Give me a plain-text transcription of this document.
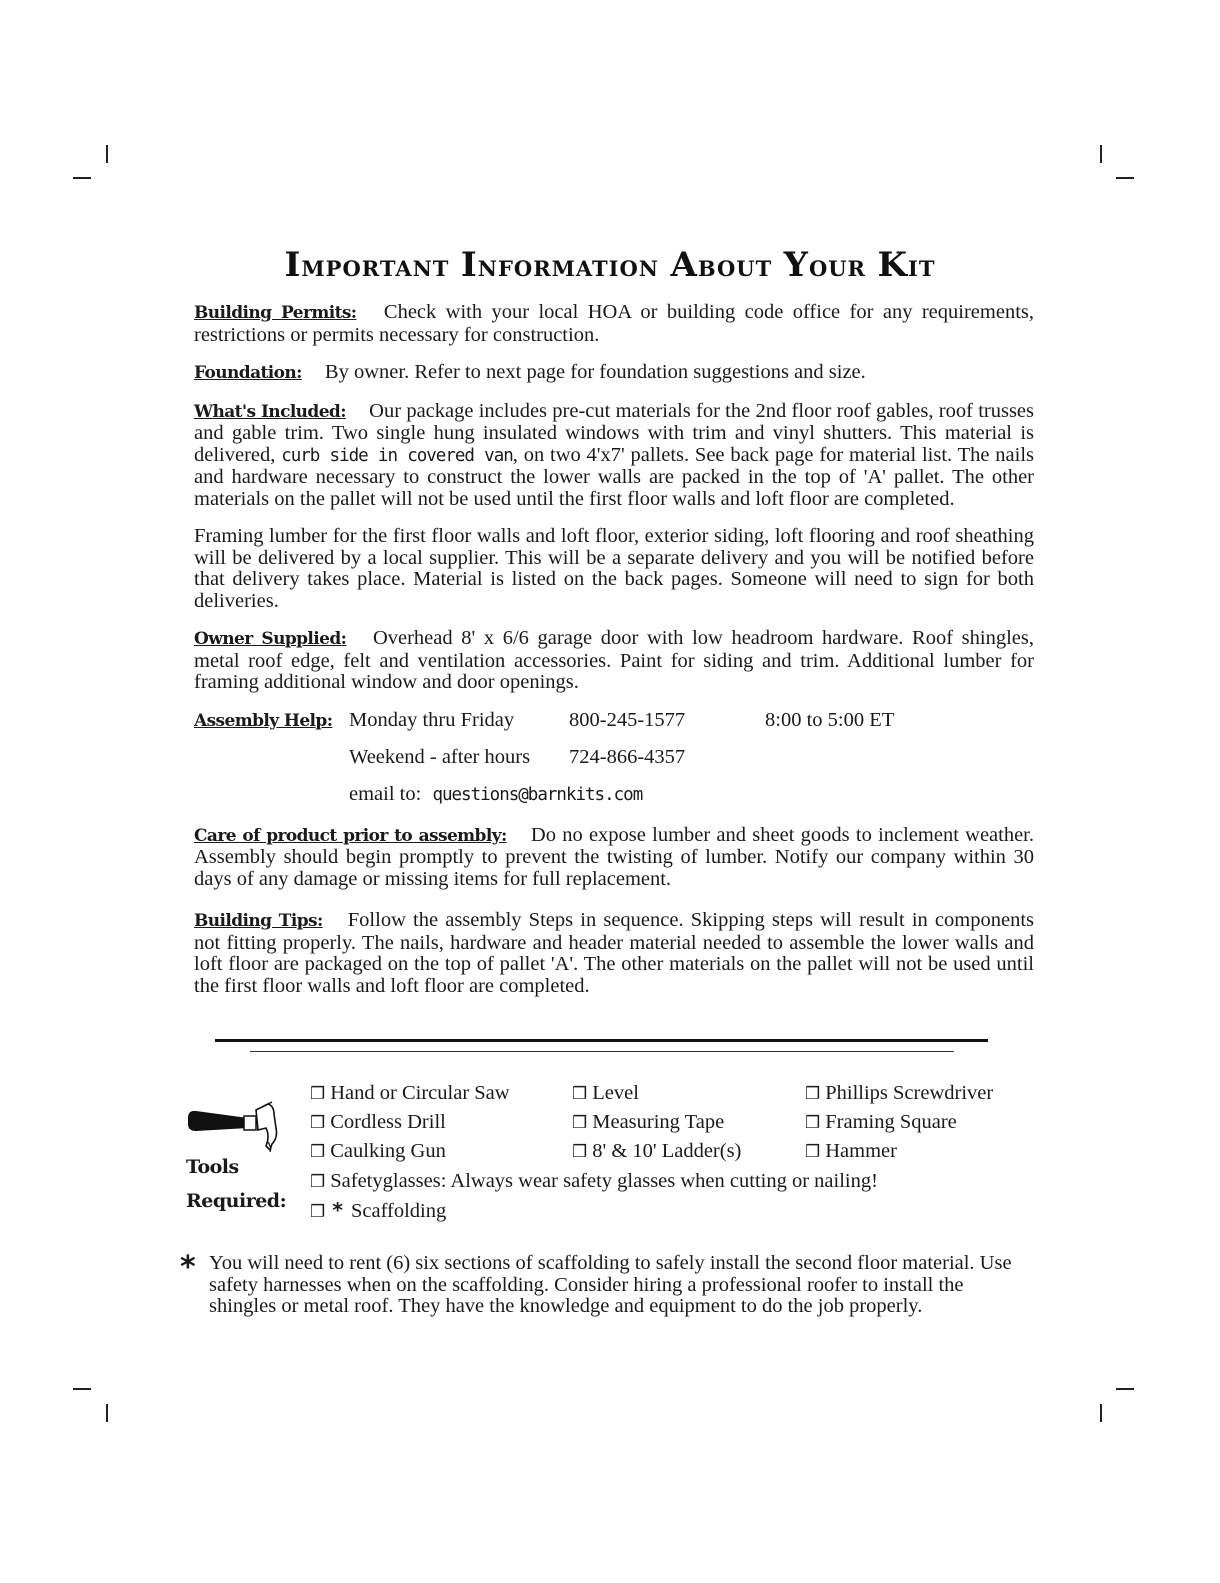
Important Information About Your Kit

Building Permits: Check with your local HOA or building code office for any requirements, restrictions or permits necessary for construction.

Foundation: By owner. Refer to next page for foundation suggestions and size.

What's Included: Our package includes pre-cut materials for the 2nd floor roof gables, roof trusses and gable trim. Two single hung insulated windows with trim and vinyl shutters. This material is delivered, curb side in covered van, on two 4'x7' pallets. See back page for material list. The nails and hardware necessary to construct the lower walls are packed in the top of 'A' pallet. The other materials on the pallet will not be used until the first floor walls and loft floor are completed.

Framing lumber for the first floor walls and loft floor, exterior siding, loft flooring and roof sheathing will be delivered by a local supplier. This will be a separate delivery and you will be notified before that delivery takes place. Material is listed on the back pages. Someone will need to sign for both deliveries.

Owner Supplied: Overhead 8' x 6/6 garage door with low headroom hardware. Roof shingles, metal roof edge, felt and ventilation accessories. Paint for siding and trim. Additional lumber for framing additional window and door openings.

Assembly Help: Monday thru Friday	800-245-1577	8:00 to 5:00 ET
Weekend - after hours	724-866-4357
email to: questions@barnkits.com

Care of product prior to assembly: Do no expose lumber and sheet goods to inclement weather. Assembly should begin promptly to prevent the twisting of lumber. Notify our company within 30 days of any damage or missing items for full replacement.

Building Tips: Follow the assembly Steps in sequence. Skipping steps will result in components not fitting properly. The nails, hardware and header material needed to assemble the lower walls and loft floor are packaged on the top of pallet 'A'. The other materials on the pallet will not be used until the first floor walls and loft floor are completed.

Tools
Required:
❒ Hand or Circular Saw	❒ Level	❒ Phillips Screwdriver
❒ Cordless Drill	❒ Measuring Tape	❒ Framing Square
❒ Caulking Gun	❒ 8' & 10' Ladder(s)	❒ Hammer
❒ Safetyglasses: Always wear safety glasses when cutting or nailing!
❒ * Scaffolding
* You will need to rent (6) six sections of scaffolding to safely install the second floor material. Use safety harnesses when on the scaffolding. Consider hiring a professional roofer to install the shingles or metal roof. They have the knowledge and equipment to do the job properly.
